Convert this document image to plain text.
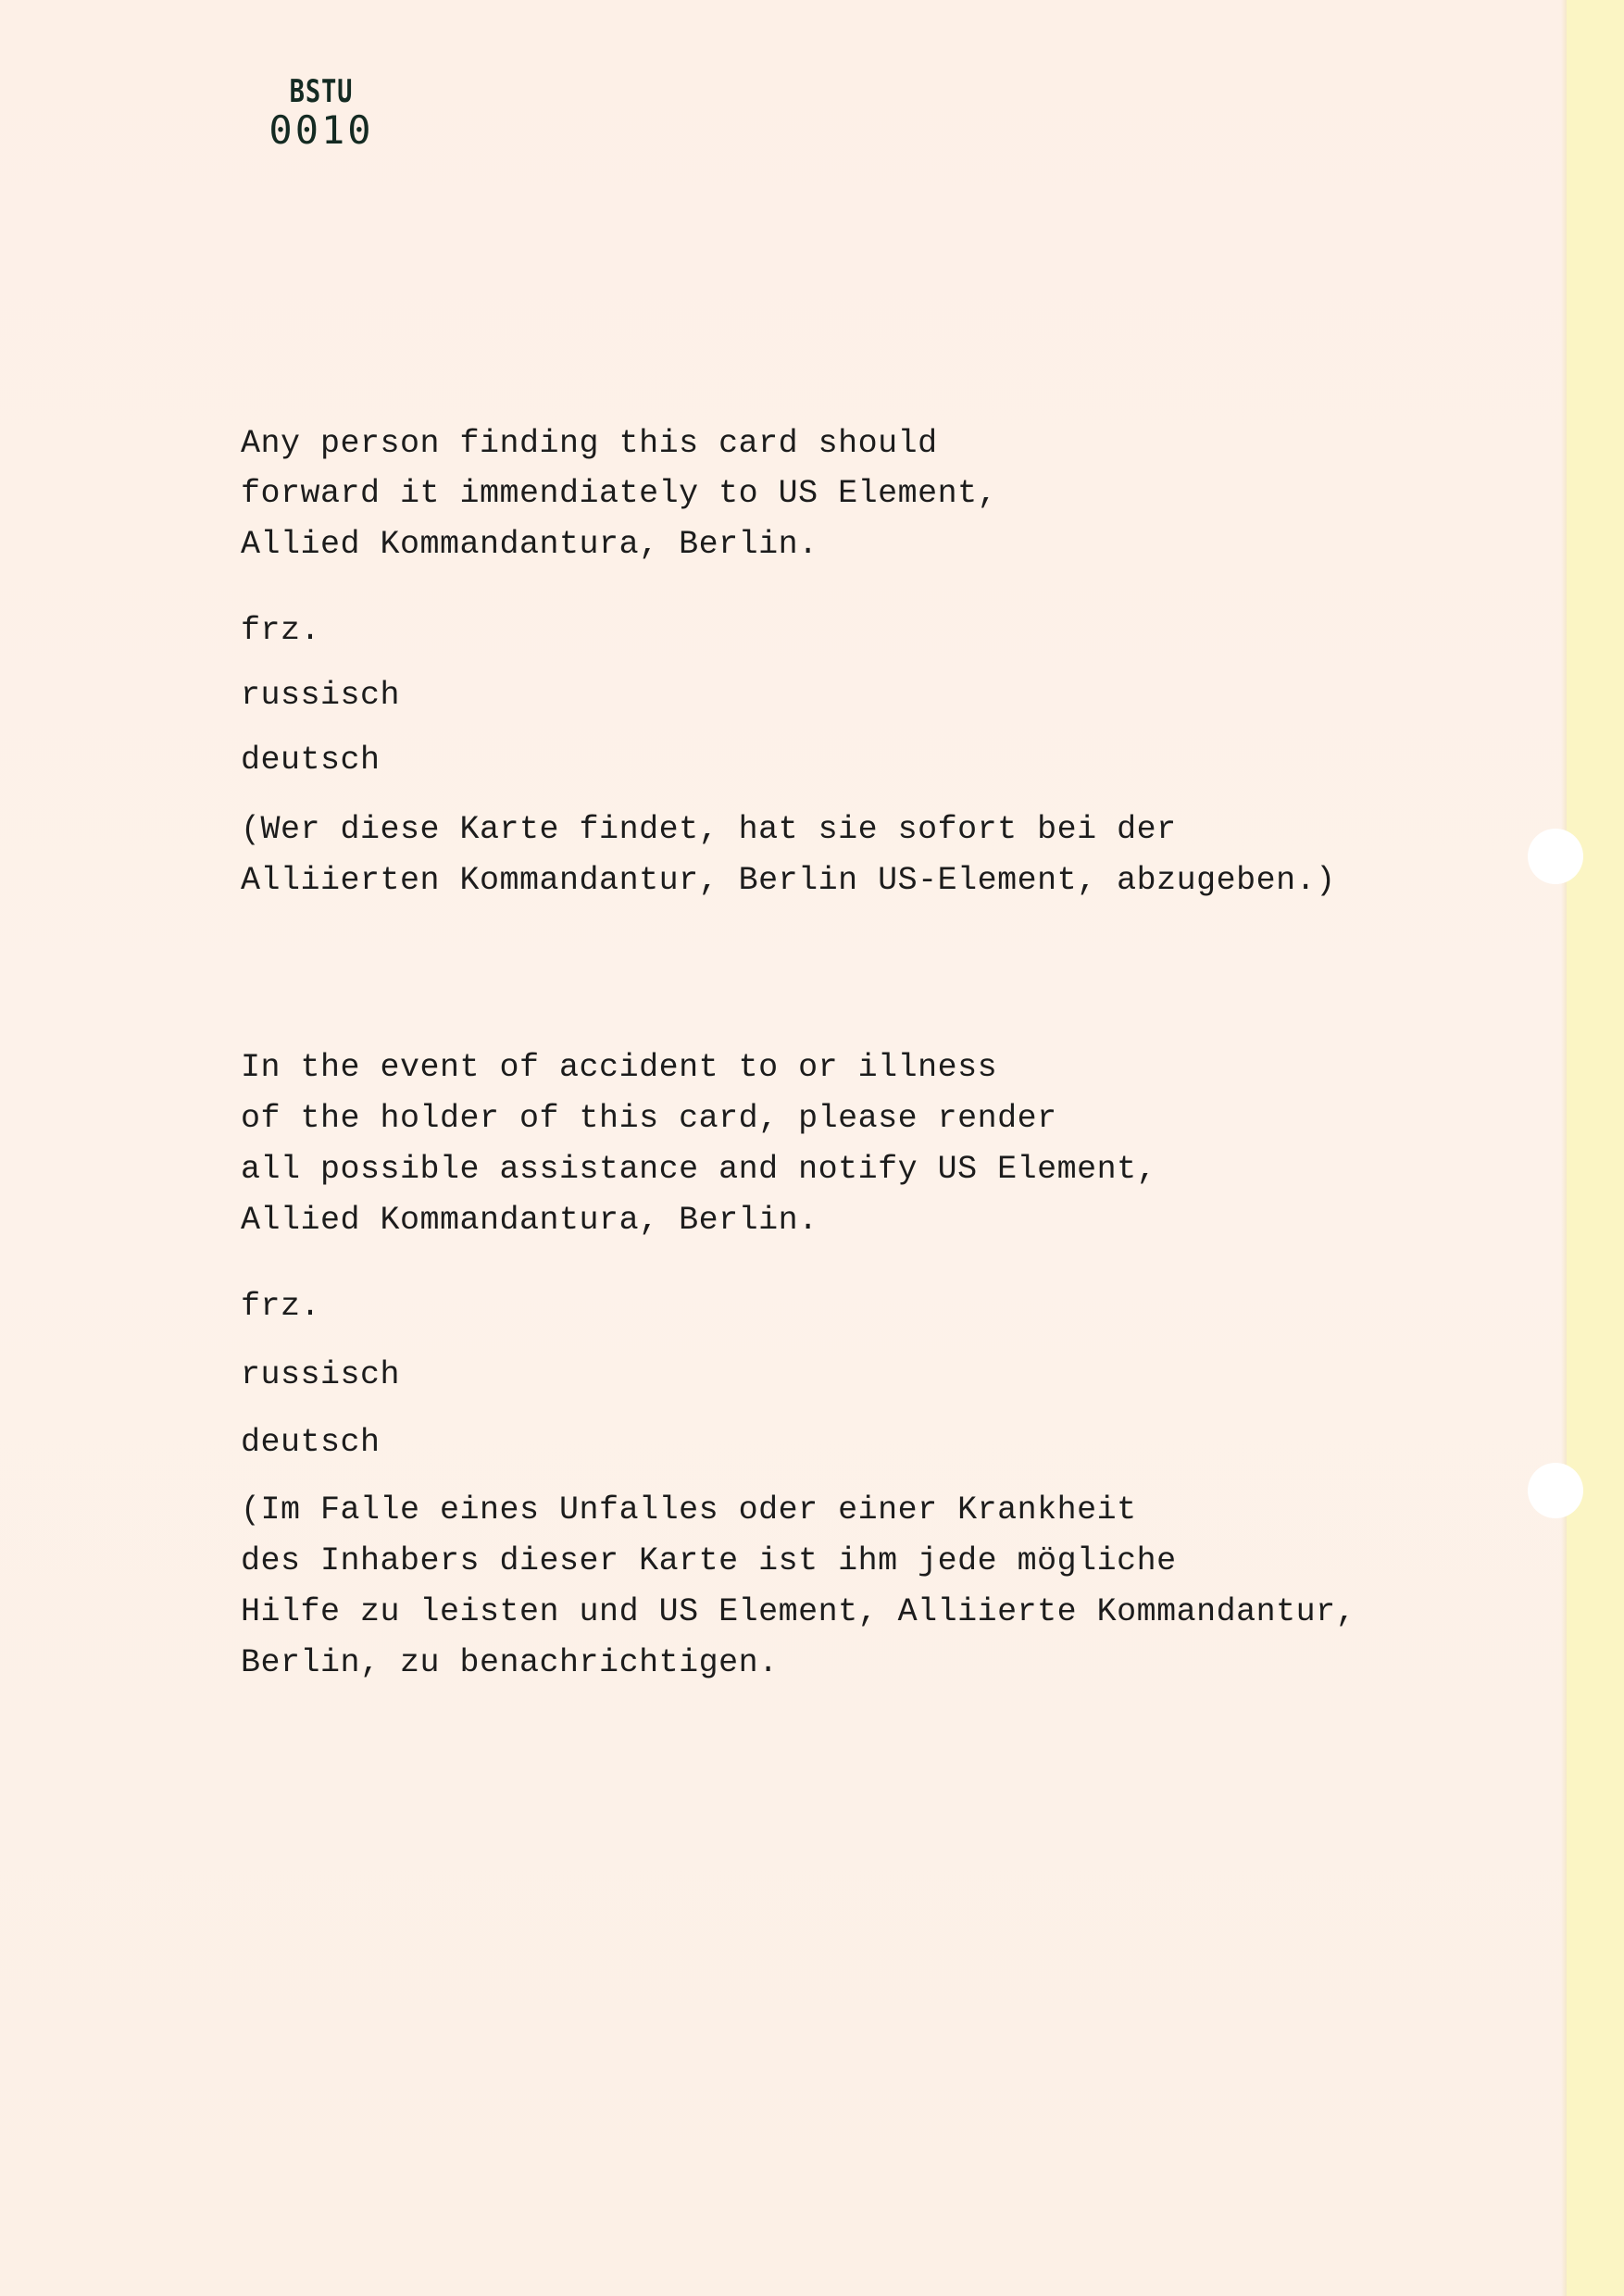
BSTU
0010
Any person finding this card should
forward it immendiately to US Element,
Allied Kommandantura, Berlin.
frz.
russisch
deutsch
(Wer diese Karte findet, hat sie sofort bei der
Alliierten Kommandantur, Berlin US-Element, abzugeben.)
In the event of accident to or illness
of the holder of this card, please render
all possible assistance and notify US Element,
Allied Kommandantura, Berlin.
frz.
russisch
deutsch
(Im Falle eines Unfalles oder einer Krankheit
des Inhabers dieser Karte ist ihm jede mögliche
Hilfe zu leisten und US Element, Alliierte Kommandantur,
Berlin, zu benachrichtigen.
